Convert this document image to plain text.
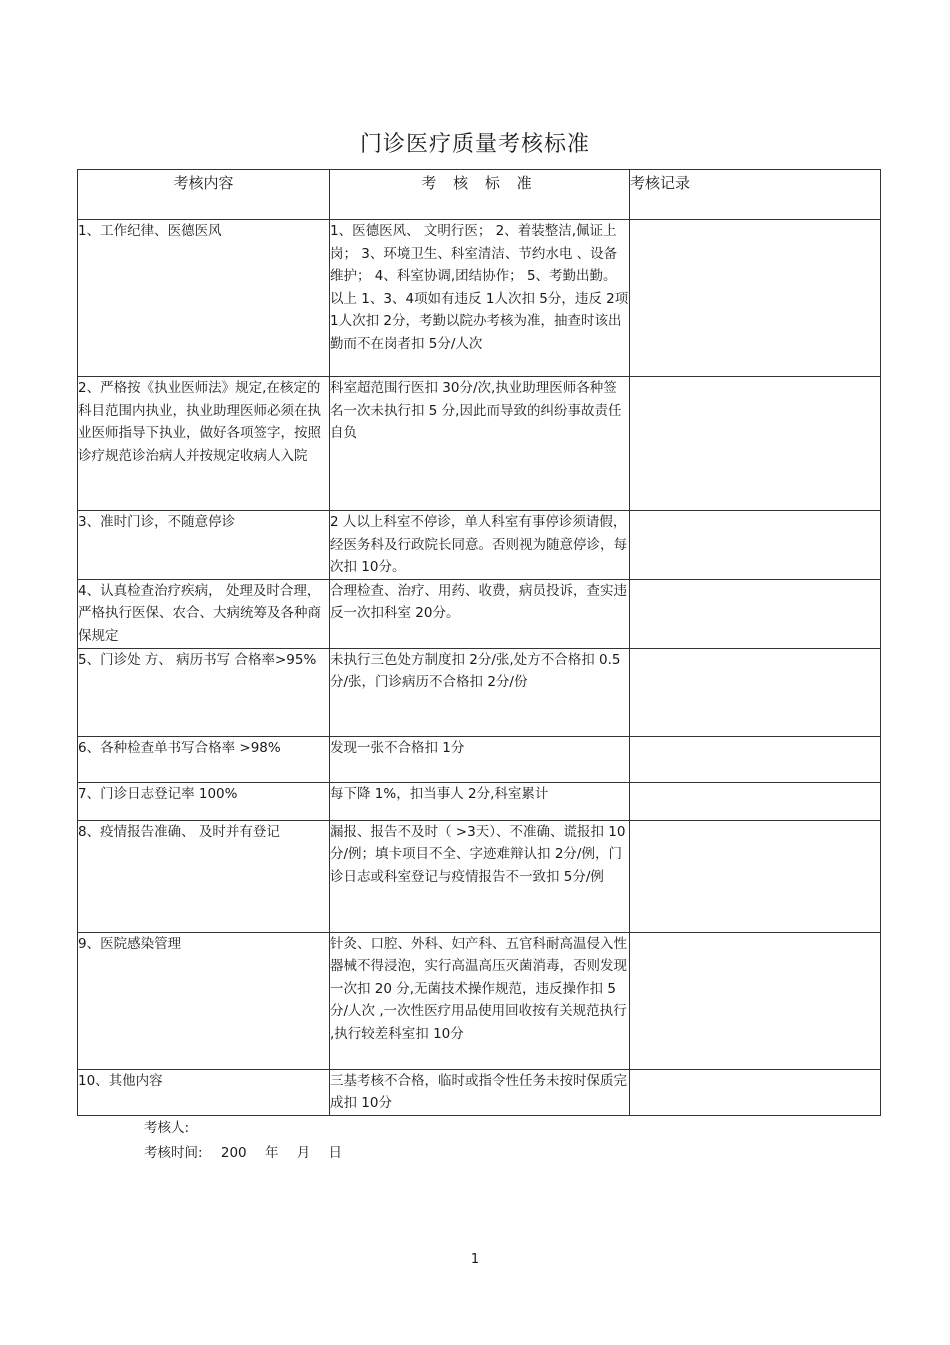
门诊医疗质量考核标准
考核内容	考 核 标 准	考核记录
1、工作纪律、医德医风	1、医德医风、 文明行医； 2、着装整洁,佩证上岗； 3、环境卫生、科室清洁、节约水电 、设备维护； 4、科室协调,团结协作； 5、考勤出勤。以上 1、3、4项如有违反 1人次扣 5分，违反 2项1人次扣 2分，考勤以院办考核为准，抽查时该出勤而不在岗者扣 5分/人次	
2、严格按《执业医师法》规定,在核定的科目范围内执业，执业助理医师必须在执业医师指导下执业，做好各项签字，按照诊疗规范诊治病人并按规定收病人入院	科室超范围行医扣 30分/次,执业助理医师各种签名一次未执行扣 5 分,因此而导致的纠纷事故责任自负	
3、准时门诊，不随意停诊	2 人以上科室不停诊，单人科室有事停诊须请假，经医务科及行政院长同意。否则视为随意停诊，每次扣 10分。	
4、认真检查治疗疾病， 处理及时合理，严格执行医保、农合、大病统筹及各种商保规定	合理检查、治疗、用药、收费，病员投诉，查实违反一次扣科室 20分。	
5、门诊处 方、 病历书写 合格率>95%	未执行三色处方制度扣 2分/张,处方不合格扣 0.5分/张，门诊病历不合格扣 2分/份	
6、各种检查单书写合格率 >98%	发现一张不合格扣 1分	
7、门诊日志登记率 100%	每下降 1%，扣当事人 2分,科室累计	
8、疫情报告准确、 及时并有登记	漏报、报告不及时（ >3天）、不准确、谎报扣 10分/例；填卡项目不全、字迹难辩认扣 2分/例，门诊日志或科室登记与疫情报告不一致扣 5分/例	
9、医院感染管理	针灸、口腔、外科、妇产科、五官科耐高温侵入性器械不得浸泡，实行高温高压灭菌消毒，否则发现一次扣 20 分,无菌技术操作规范，违反操作扣 5 分/人次 ,一次性医疗用品使用回收按有关规范执行 ,执行较差科室扣 10分	
10、其他内容	三基考核不合格，临时或指令性任务未按时保质完成扣 10分	
考核人:
考核时间: 200 年 月 日
1
